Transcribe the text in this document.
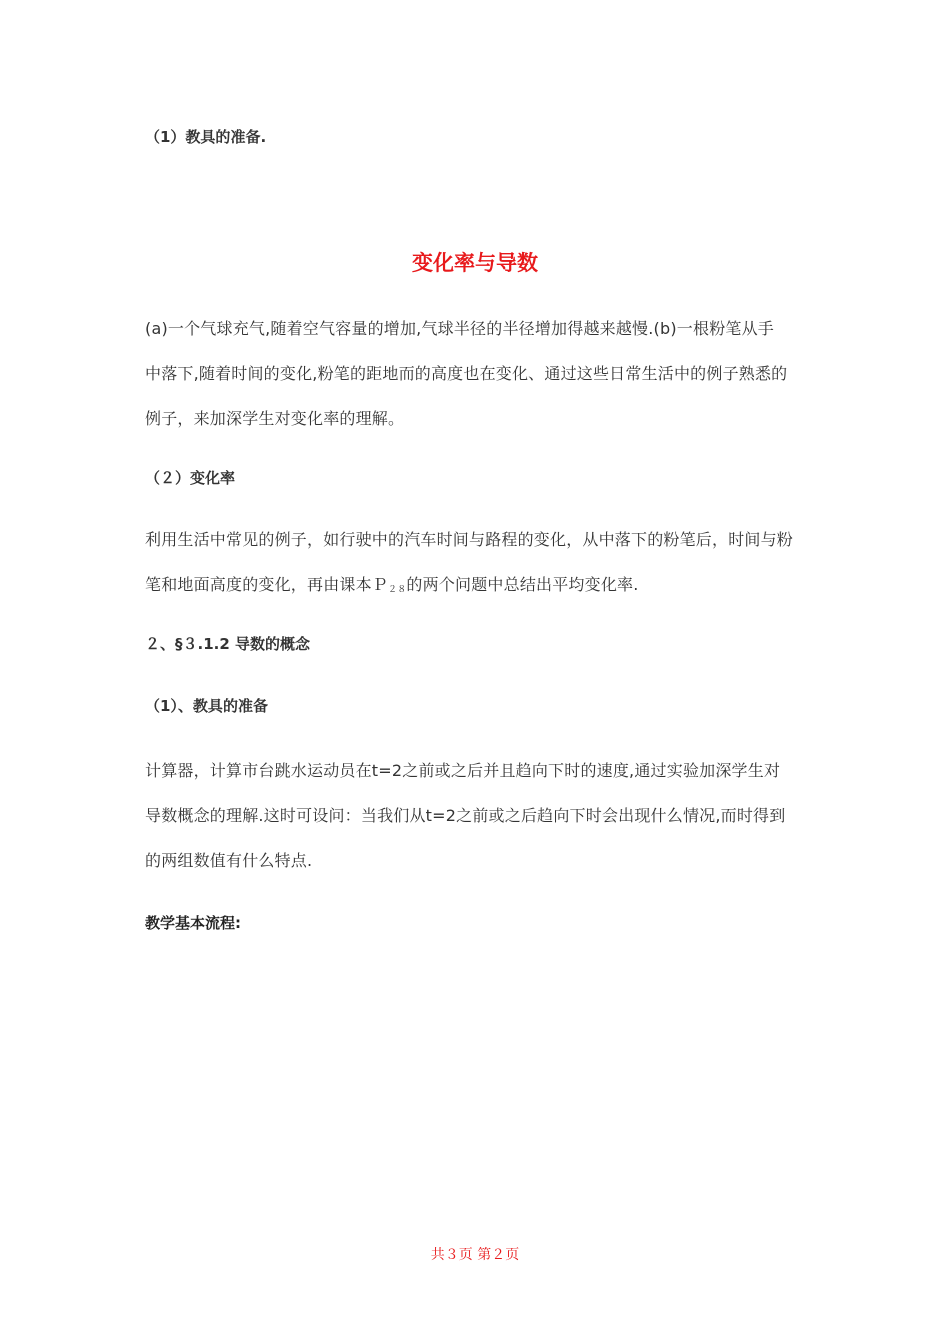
（1）教具的准备.
变化率与导数
(a)一个气球充气,随着空气容量的增加,气球半径的半径增加得越来越慢.(b)一根粉笔从手
中落下,随着时间的变化,粉笔的距地而的高度也在变化、通过这些日常生活中的例子熟悉的
例子，来加深学生对变化率的理解。
（２）变化率
利用生活中常见的例子，如行驶中的汽车时间与路程的变化，从中落下的粉笔后，时间与粉
笔和地面高度的变化，再由课本Ｐ$_{28}$的两个问题中总结出平均变化率.
２、§３.1.2 导数的概念
（1）、教具的准备
计算器，计算市台跳水运动员在t=2之前或之后并且趋向下时的速度,通过实验加深学生对
导数概念的理解.这时可设问：当我们从t=2之前或之后趋向下时会出现什么情况,而时得到
的两组数值有什么特点.
教学基本流程:
共３页 第２页
